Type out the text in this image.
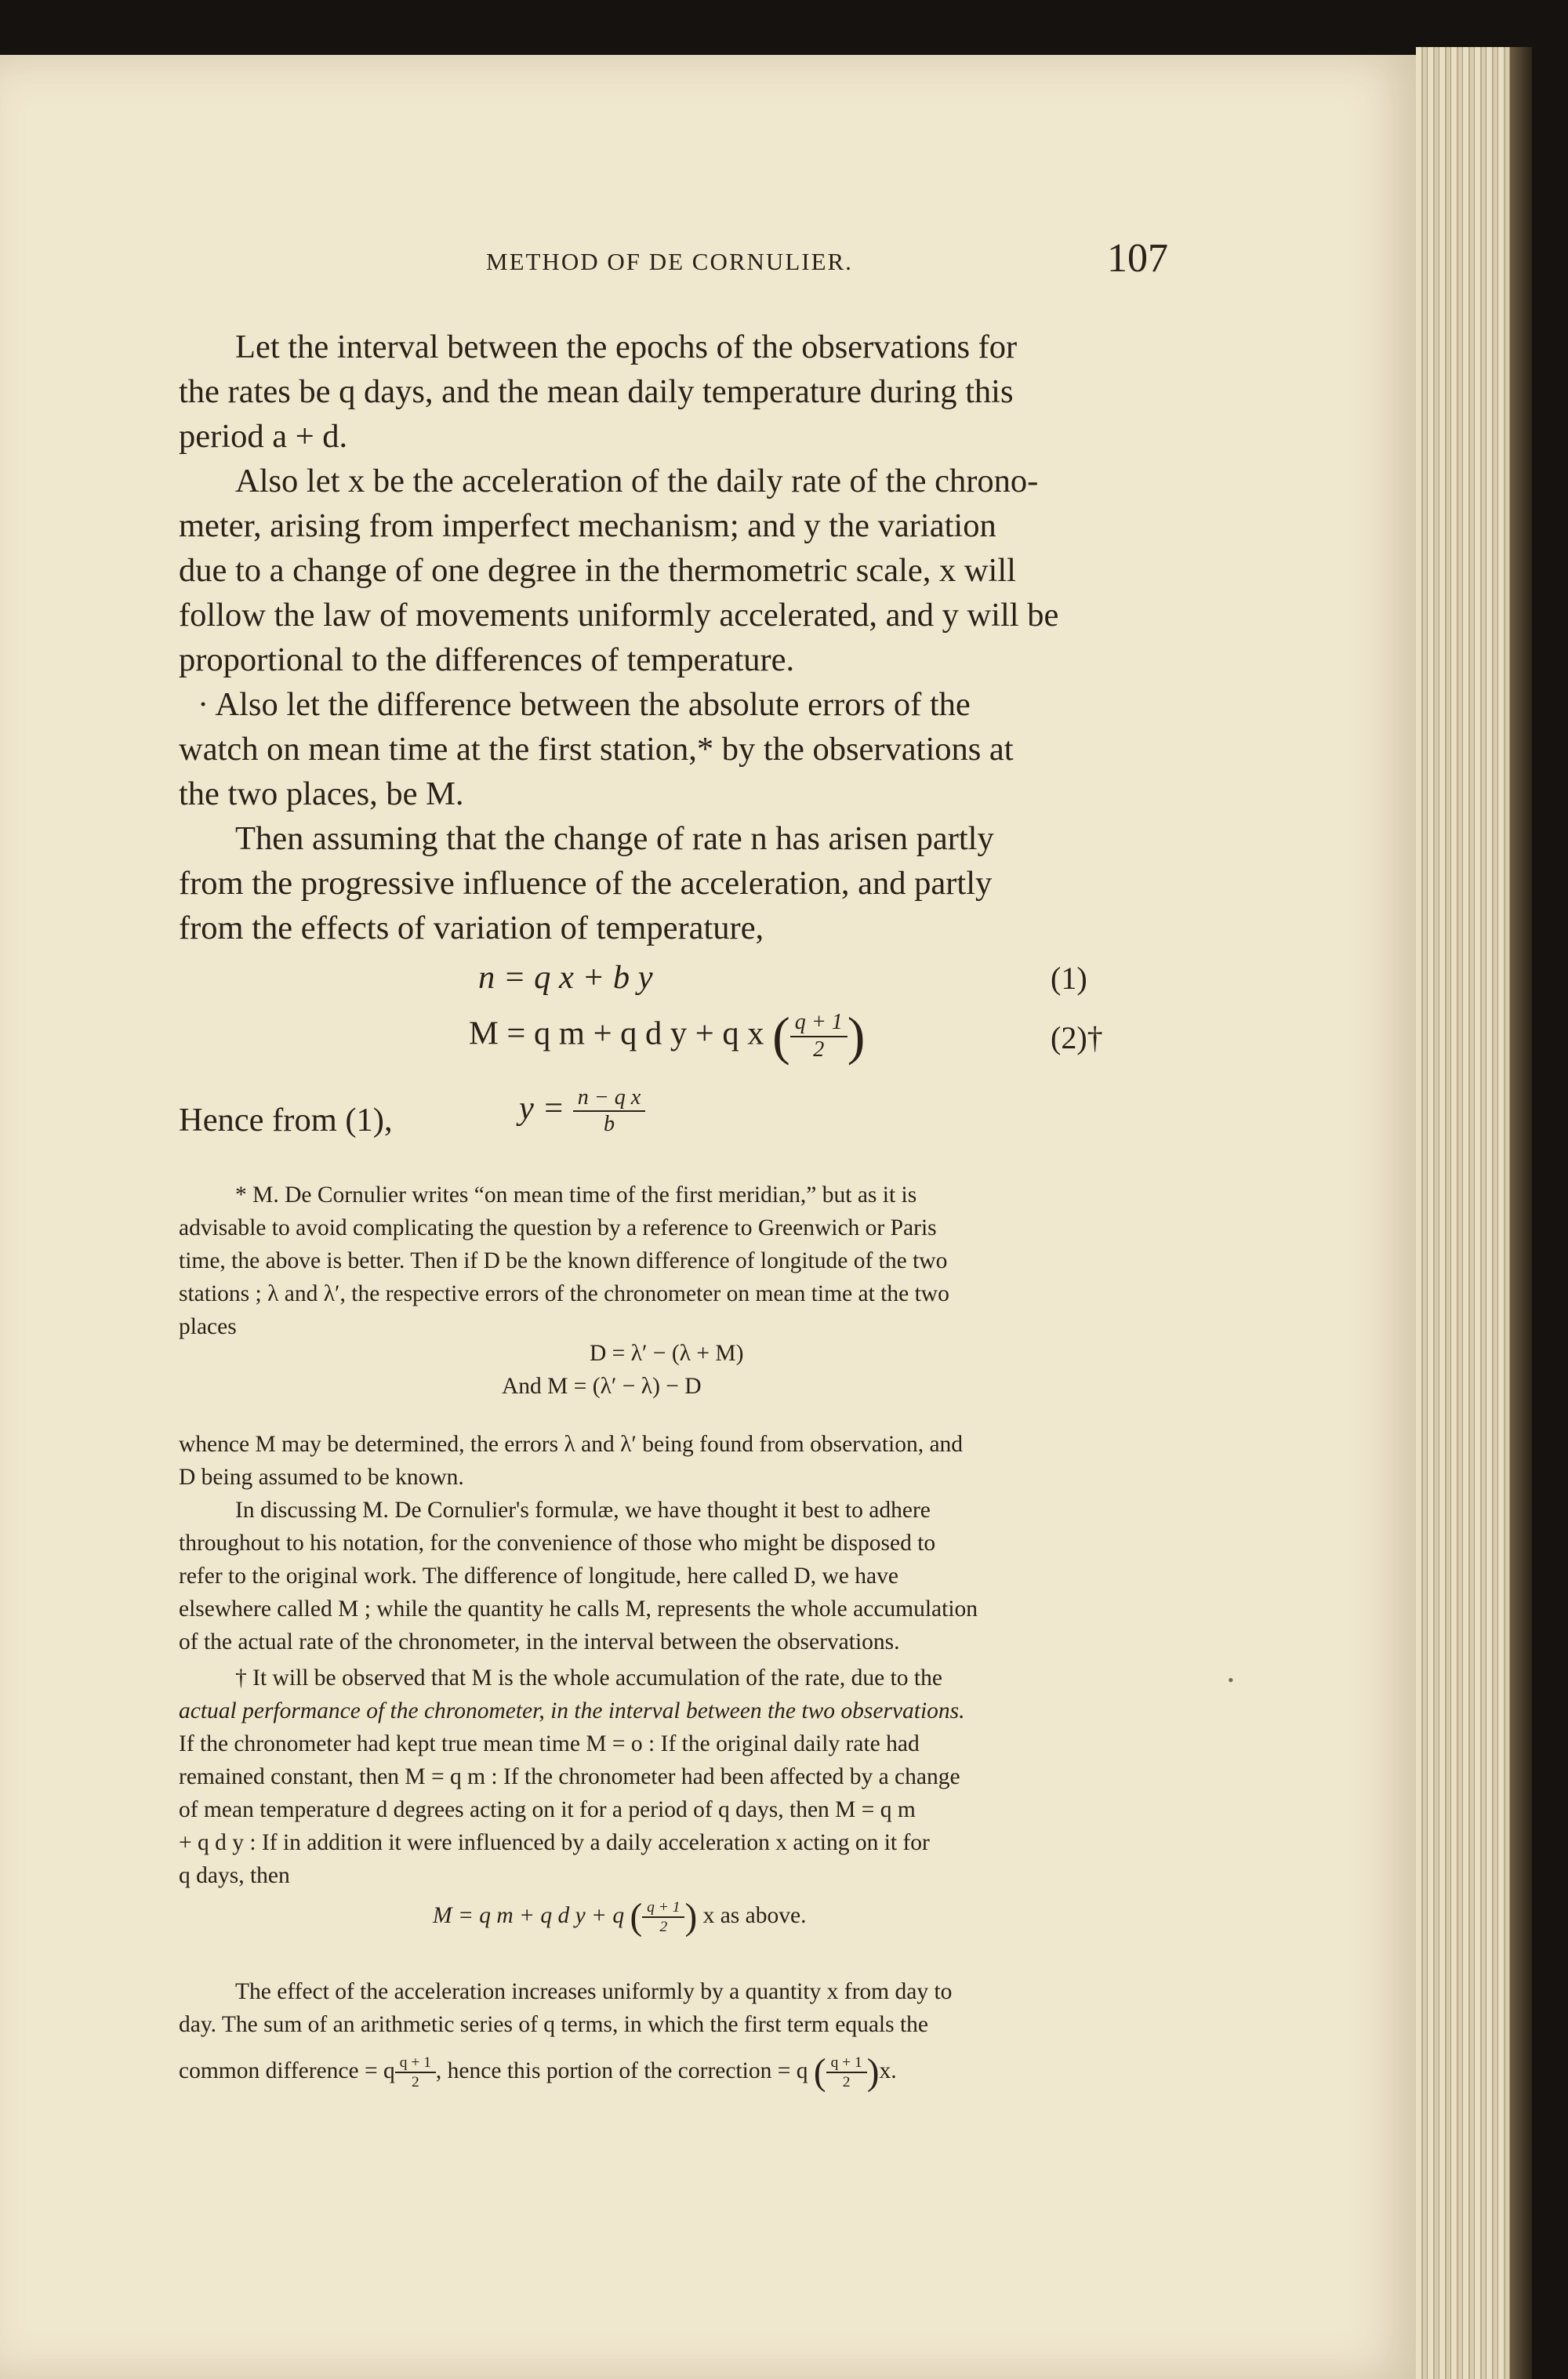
METHOD OF DE CORNULIER.	107
Let the interval between the epochs of the observations for
the rates be q days, and the mean daily temperature during this
period a + d.
Also let x be the acceleration of the daily rate of the chrono-
meter, arising from imperfect mechanism; and y the variation
due to a change of one degree in the thermometric scale, x will
follow the law of movements uniformly accelerated, and y will be
proportional to the differences of temperature.
· Also let the difference between the absolute errors of the
watch on mean time at the first station,* by the observations at
the two places, be M.
Then assuming that the change of rate n has arisen partly
from the progressive influence of the acceleration, and partly
from the effects of variation of temperature,
n = q x + b y	(1)
M = q m + q d y + q x ( $\frac{q + 1}{2}$ )	(2)†
Hence from (1),	$y = \frac{\text{n − q x}}{b}$
* M. De Cornulier writes “on mean time of the first meridian,” but as it is
advisable to avoid complicating the question by a reference to Greenwich or Paris
time, the above is better. Then if D be the known difference of longitude of the two
stations ; λ and λ′, the respective errors of the chronometer on mean time at the two
places
D = λ′ − (λ + M)
And M = (λ′ − λ) − D
whence M may be determined, the errors λ and λ′ being found from observation, and
D being assumed to be known.
In discussing M. De Cornulier's formulæ, we have thought it best to adhere
throughout to his notation, for the convenience of those who might be disposed to
refer to the original work. The difference of longitude, here called D, we have
elsewhere called M ; while the quantity he calls M, represents the whole accumulation
of the actual rate of the chronometer, in the interval between the observations.
† It will be observed that M is the whole accumulation of the rate, due to the
actual performance of the chronometer, in the interval between the two observations.
If the chronometer had kept true mean time M = o : If the original daily rate had
remained constant, then M = q m : If the chronometer had been affected by a change
of mean temperature d degrees acting on it for a period of q days, then M = q m
+ q d y : If in addition it were influenced by a daily acceleration x acting on it for
q days, then
M = q m + q d y + q ( $\frac{q + 1}{2}$ ) x as above.
The effect of the acceleration increases uniformly by a quantity x from day to
day. The sum of an arithmetic series of q terms, in which the first term equals the
common difference = q $\frac{q + 1}{2}$ , hence this portion of the correction = q ( $\frac{q + 1}{2} )x$.
•
